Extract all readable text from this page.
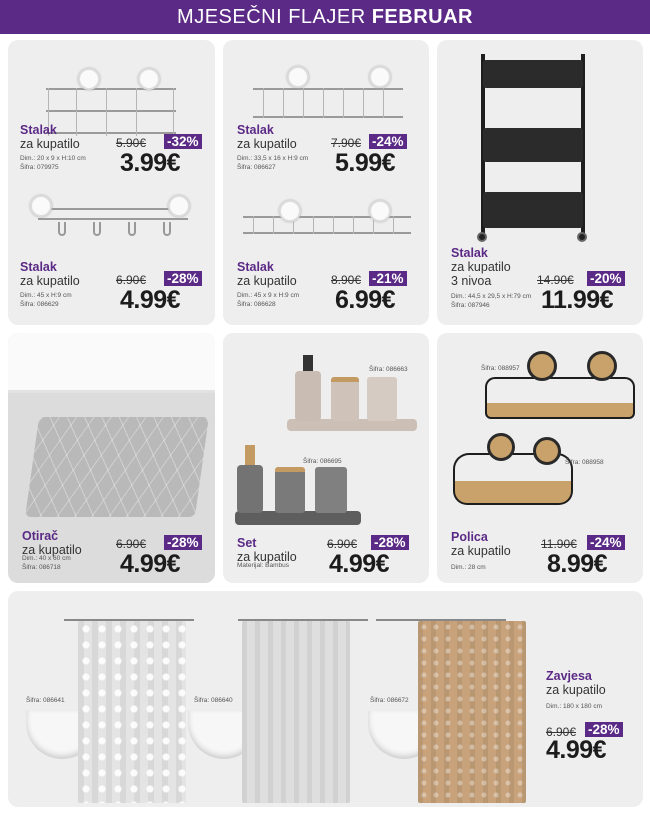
MJESEČNI FLAJER FEBRUAR
Stalak
za kupatilo
Dim.: 20 x 9 x H:10 cm
Šifra: 079975
5.90€ -32%
3.99€
Stalak
za kupatilo
Dim.: 45 x H:9 cm
Šifra: 086629
6.90€ -28%
4.99€
Stalak
za kupatilo
Dim.: 33,5 x 16 x H:9 cm
Šifra: 086627
7.90€ -24%
5.99€
Stalak
za kupatilo
Dim.: 45 x 9 x H:9 cm
Šifra: 086628
8.90€ -21%
6.99€
Stalak
za kupatilo
3 nivoa
Dim.: 44,5 x 29,5 x H:79 cm
Šifra: 087946
14.90€ -20%
11.99€
Otirač
za kupatilo
Dim.: 40 x 60 cm
Šifra: 086718
6.90€ -28%
4.99€
Šifra: 086663
Šifra: 086695
Set
za kupatilo
Materijal: Bambus
6.90€ -28%
4.99€
Šifra: 088957
Šifra: 088958
Polica
za kupatilo
Dim.: 28 cm
11.90€ -24%
8.99€
Šifra: 086641	Šifra: 086640	Šifra: 086672
Zavjesa
za kupatilo
Dim.: 180 x 180 cm
6.90€ -28%
4.99€
